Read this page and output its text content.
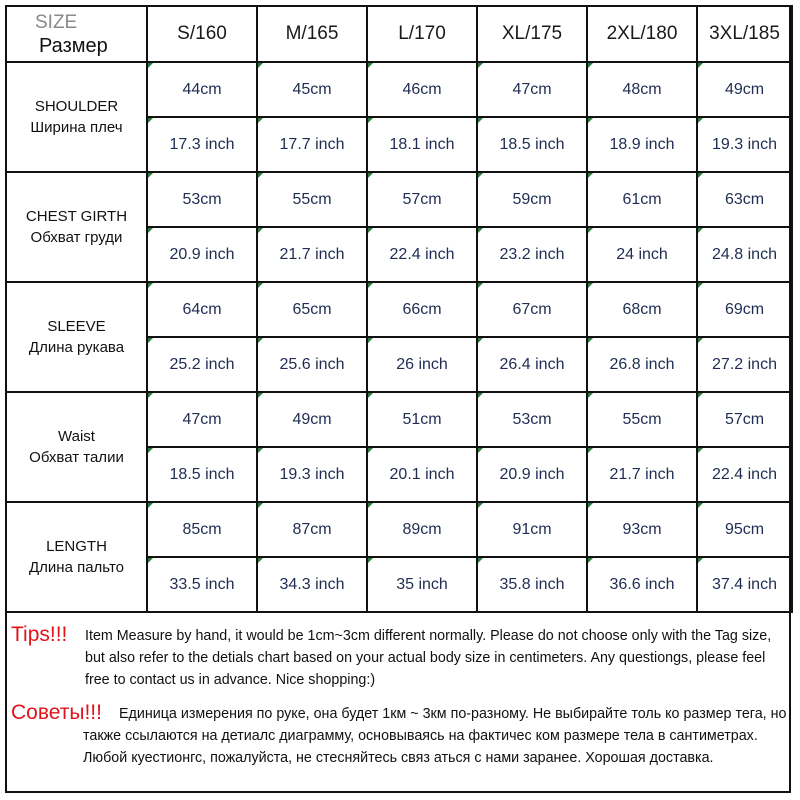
SIZE
Размер	S/160	M/165	L/170	XL/175	2XL/180	3XL/185

SHOULDER
Ширина плеч	44cm	45cm	46cm	47cm	48cm	49cm
	17.3 inch	17.7 inch	18.1 inch	18.5 inch	18.9 inch	19.3 inch

CHEST GIRTH
Обхват груди	53cm	55cm	57cm	59cm	61cm	63cm
	20.9 inch	21.7 inch	22.4 inch	23.2 inch	24 inch	24.8 inch

SLEEVE
Длина рукава	64cm	65cm	66cm	67cm	68cm	69cm
	25.2 inch	25.6 inch	26 inch	26.4 inch	26.8 inch	27.2 inch

Waist
Обхват талии	47cm	49cm	51cm	53cm	55cm	57cm
	18.5 inch	19.3 inch	20.1 inch	20.9 inch	21.7 inch	22.4 inch

LENGTH
Длина пальто	85cm	87cm	89cm	91cm	93cm	95cm
	33.5 inch	34.3 inch	35 inch	35.8 inch	36.6 inch	37.4 inch
Tips!!! Item Measure by hand, it would be 1cm~3cm different normally. Please do not choose only with the Tag size, but also refer to the detials chart based on your actual body size in centimeters. Any questiongs, please feel free to contact us in advance. Nice shopping:)
Советы!!!	Единица измерения по руке, она будет 1км ~ 3км по-разному. Не выбирайте толь ко размер тега, но также ссылаются на детиалс диаграмму, основываясь на фактичес ком размере тела в сантиметрах. Любой куестионгс, пожалуйста, не стесняйтесь связ аться с нами заранее. Хорошая доставка.
